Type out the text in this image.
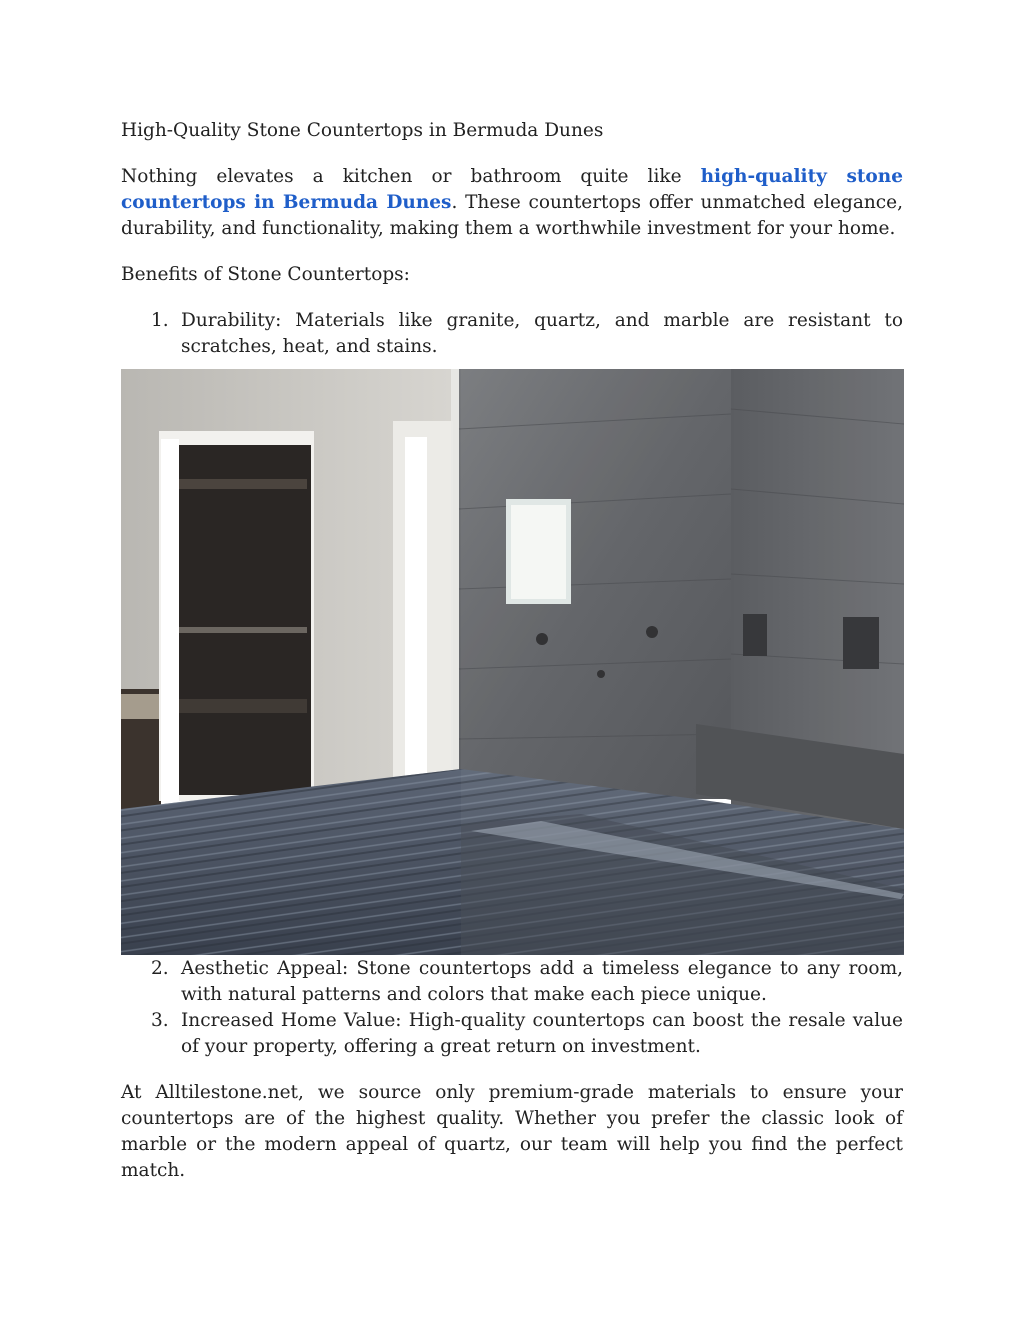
High-Quality Stone Countertops in Bermuda Dunes

Nothing elevates a kitchen or bathroom quite like high-quality stone countertops in Bermuda Dunes. These countertops offer unmatched elegance, durability, and functionality, making them a worthwhile investment for your home.

Benefits of Stone Countertops:

1. Durability: Materials like granite, quartz, and marble are resistant to scratches, heat, and stains.
2. Aesthetic Appeal: Stone countertops add a timeless elegance to any room, with natural patterns and colors that make each piece unique.
3. Increased Home Value: High-quality countertops can boost the resale value of your property, offering a great return on investment.

At Alltilestone.net, we source only premium-grade materials to ensure your countertops are of the highest quality. Whether you prefer the classic look of marble or the modern appeal of quartz, our team will help you find the perfect match.
